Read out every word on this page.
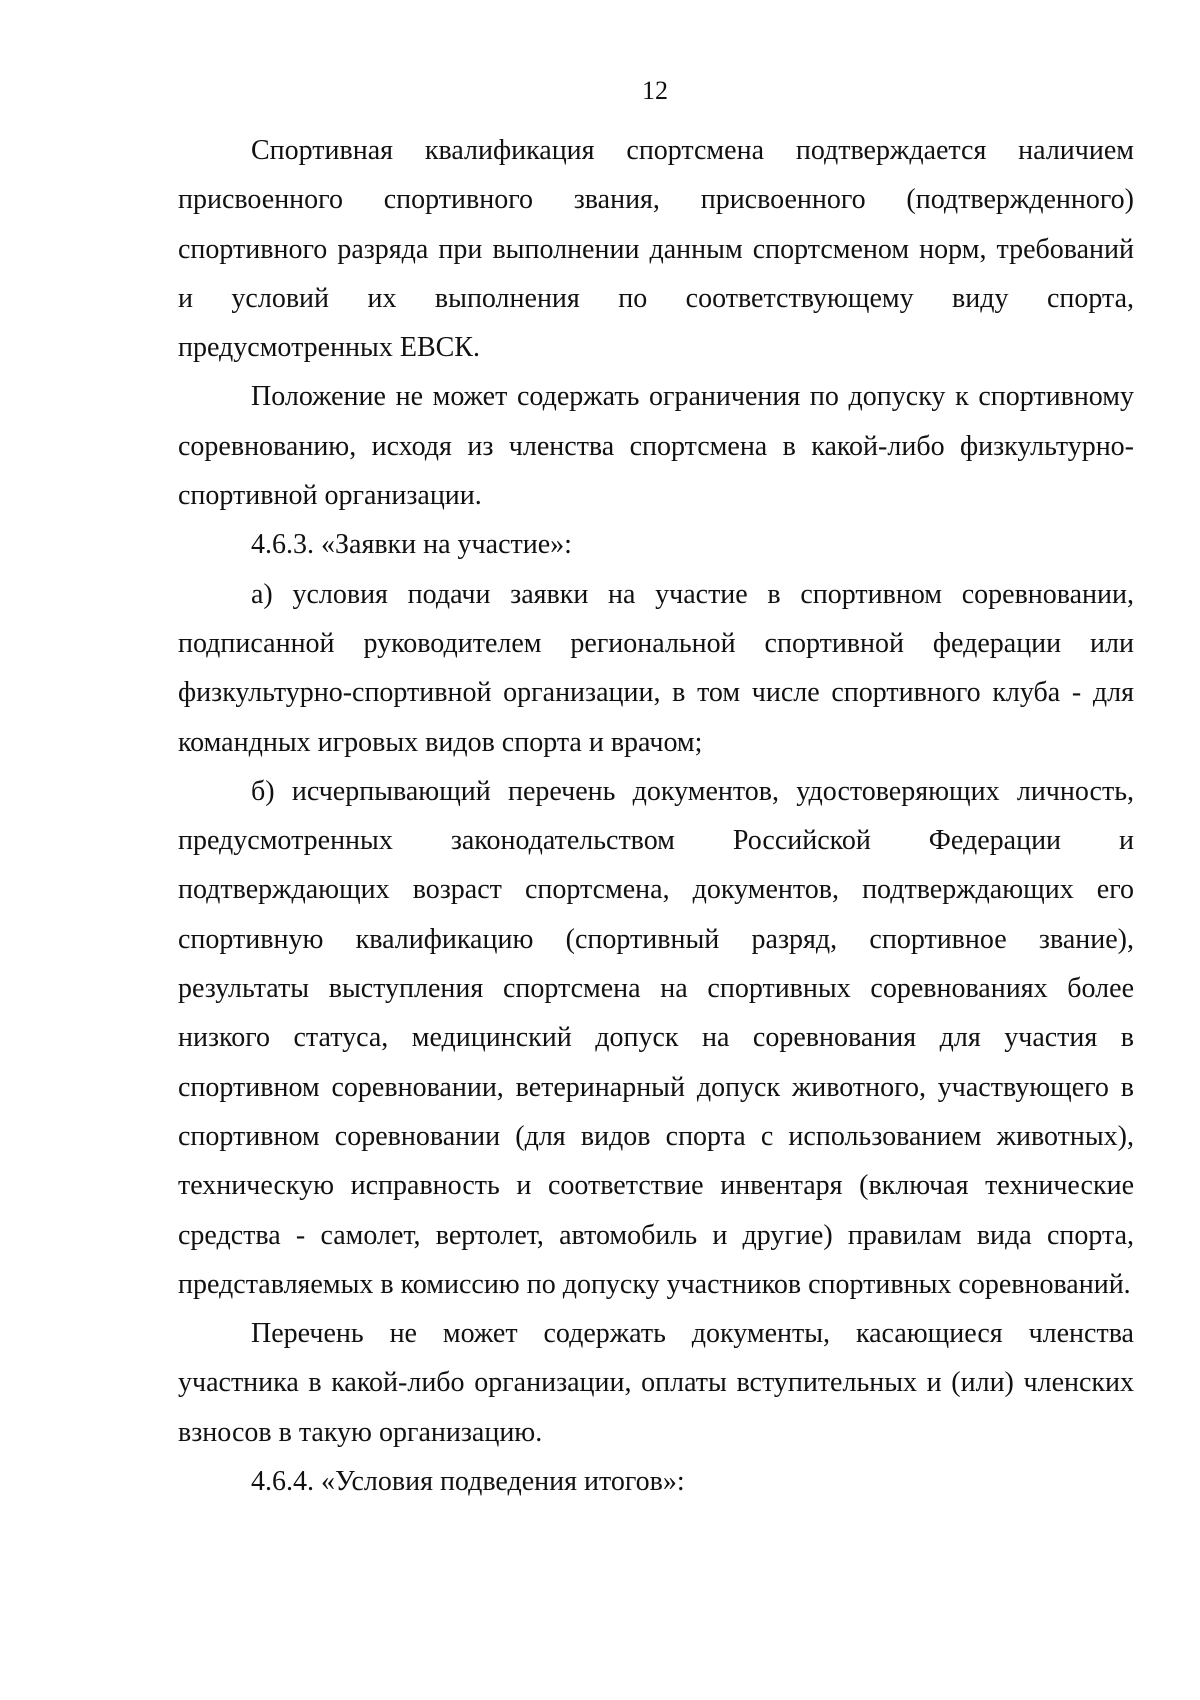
12

Спортивная квалификация спортсмена подтверждается наличием присвоенного спортивного звания, присвоенного (подтвержденного) спортивного разряда при выполнении данным спортсменом норм, требований и условий их выполнения по соответствующему виду спорта, предусмотренных ЕВСК.

Положение не может содержать ограничения по допуску к спортивному соревнованию, исходя из членства спортсмена в какой-либо физкультурно-спортивной организации.

4.6.3. «Заявки на участие»:

а) условия подачи заявки на участие в спортивном соревновании, подписанной руководителем региональной спортивной федерации или физкультурно-спортивной организации, в том числе спортивного клуба - для командных игровых видов спорта и врачом;

б) исчерпывающий перечень документов, удостоверяющих личность, предусмотренных законодательством Российской Федерации и подтверждающих возраст спортсмена, документов, подтверждающих его спортивную квалификацию (спортивный разряд, спортивное звание), результаты выступления спортсмена на спортивных соревнованиях более низкого статуса, медицинский допуск на соревнования для участия в спортивном соревновании, ветеринарный допуск животного, участвующего в спортивном соревновании (для видов спорта с использованием животных), техническую исправность и соответствие инвентаря (включая технические средства - самолет, вертолет, автомобиль и другие) правилам вида спорта, представляемых в комиссию по допуску участников спортивных соревнований.

Перечень не может содержать документы, касающиеся членства участника в какой-либо организации, оплаты вступительных и (или) членских взносов в такую организацию.

4.6.4. «Условия подведения итогов»:
